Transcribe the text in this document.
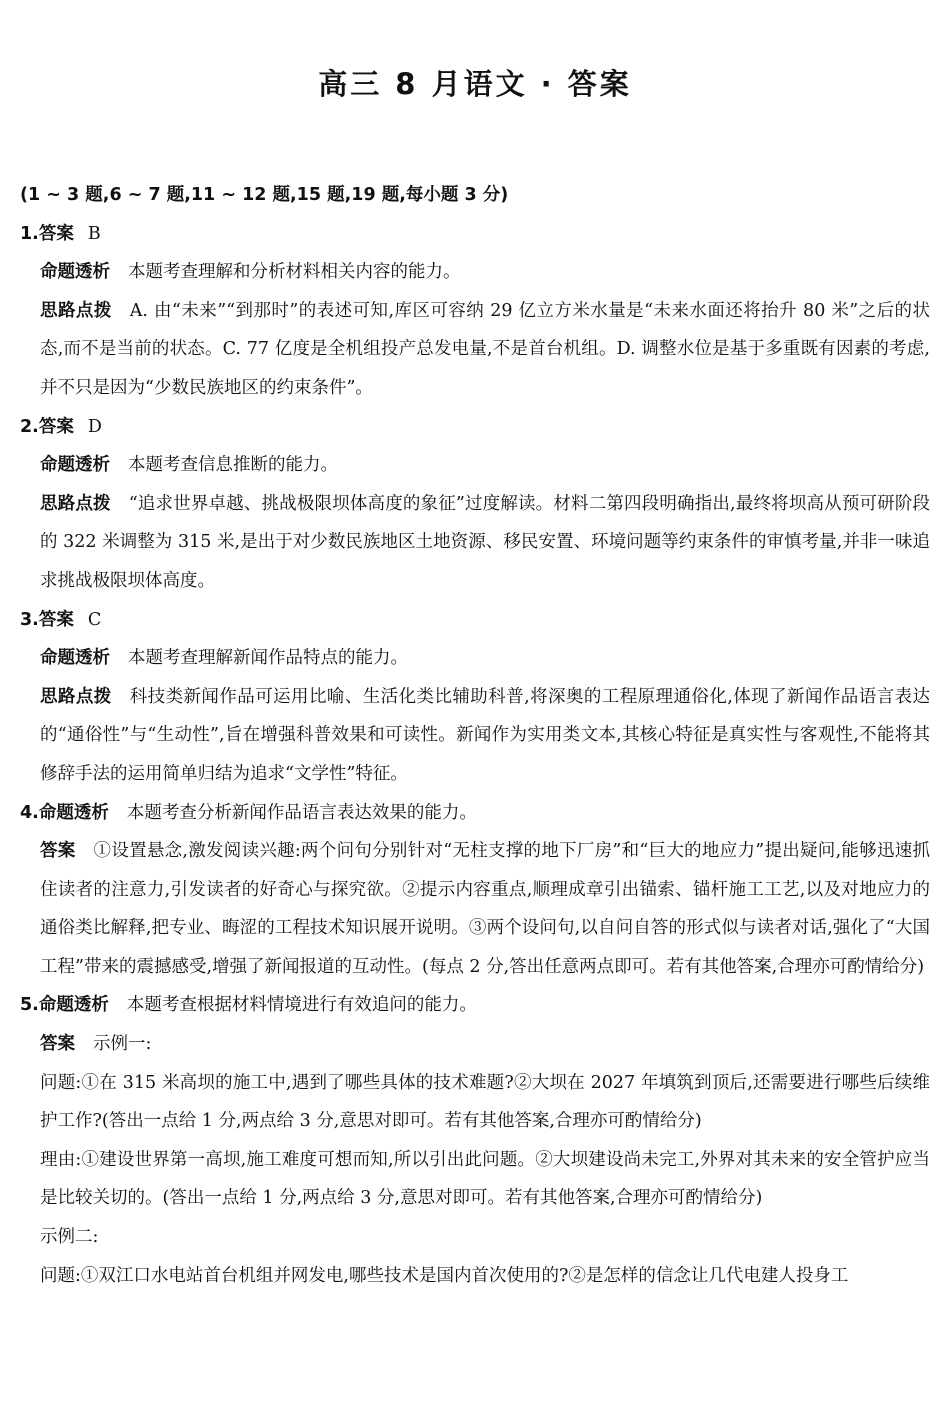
高三 8 月语文 · 答案
(1 ~ 3 题,6 ~ 7 题,11 ~ 12 题,15 题,19 题,每小题 3 分)
1.答案 B
命题透析 本题考查理解和分析材料相关内容的能力。
思路点拨 A. 由“未来”“到那时”的表述可知,库区可容纳 29 亿立方米水量是“未来水面还将抬升 80 米”之后的状态,而不是当前的状态。C. 77 亿度是全机组投产总发电量,不是首台机组。D. 调整水位是基于多重既有因素的考虑,并不只是因为“少数民族地区的约束条件”。
2.答案 D
命题透析 本题考查信息推断的能力。
思路点拨 “追求世界卓越、挑战极限坝体高度的象征”过度解读。材料二第四段明确指出,最终将坝高从预可研阶段的 322 米调整为 315 米,是出于对少数民族地区土地资源、移民安置、环境问题等约束条件的审慎考量,并非一味追求挑战极限坝体高度。
3.答案 C
命题透析 本题考查理解新闻作品特点的能力。
思路点拨 科技类新闻作品可运用比喻、生活化类比辅助科普,将深奥的工程原理通俗化,体现了新闻作品语言表达的“通俗性”与“生动性”,旨在增强科普效果和可读性。新闻作为实用类文本,其核心特征是真实性与客观性,不能将其修辞手法的运用简单归结为追求“文学性”特征。
4.命题透析 本题考查分析新闻作品语言表达效果的能力。
答案 ①设置悬念,激发阅读兴趣:两个问句分别针对“无柱支撑的地下厂房”和“巨大的地应力”提出疑问,能够迅速抓住读者的注意力,引发读者的好奇心与探究欲。②提示内容重点,顺理成章引出锚索、锚杆施工工艺,以及对地应力的通俗类比解释,把专业、晦涩的工程技术知识展开说明。③两个设问句,以自问自答的形式似与读者对话,强化了“大国工程”带来的震撼感受,增强了新闻报道的互动性。(每点 2 分,答出任意两点即可。若有其他答案,合理亦可酌情给分)
5.命题透析 本题考查根据材料情境进行有效追问的能力。
答案 示例一:
问题:①在 315 米高坝的施工中,遇到了哪些具体的技术难题?②大坝在 2027 年填筑到顶后,还需要进行哪些后续维护工作?(答出一点给 1 分,两点给 3 分,意思对即可。若有其他答案,合理亦可酌情给分)
理由:①建设世界第一高坝,施工难度可想而知,所以引出此问题。②大坝建设尚未完工,外界对其未来的安全管护应当是比较关切的。(答出一点给 1 分,两点给 3 分,意思对即可。若有其他答案,合理亦可酌情给分)
示例二:
问题:①双江口水电站首台机组并网发电,哪些技术是国内首次使用的?②是怎样的信念让几代电建人投身工
